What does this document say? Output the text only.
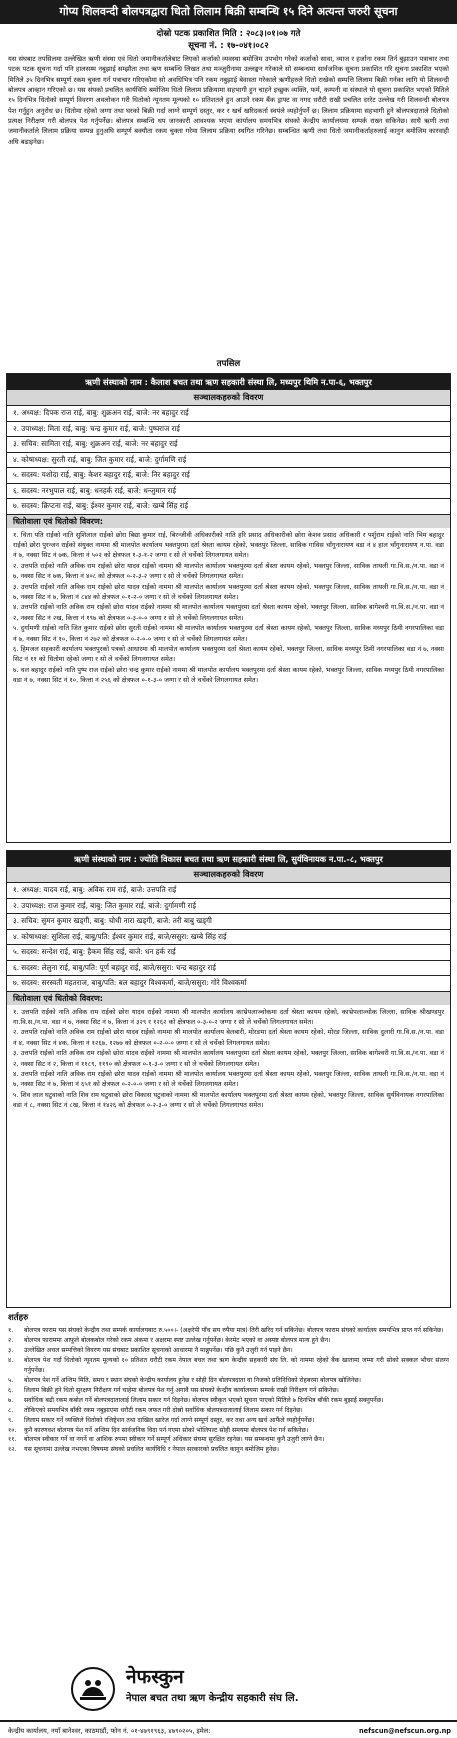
गोप्य शिलवन्दी बोलपत्रद्वारा धितो लिलाम बिक्री सम्बन्धि १५ दिने अत्यन्त जरुरी सूचना
दोस्रो पटक प्रकाशित मिति : २०८३।०१।०७ गते
सूचना नं. : १७-०४१।०८२
यस संघबाट तपसिलमा उल्लेखित ऋणी संस्था एवं धितो जमानीकर्तालेबाट लिएको कर्जाको व्यवस्था बमोजिम उपभोग गरेको कर्जाको सावा, व्याज र हर्जाना रकम तिर्न बुझाउन पत्राचार तथा पटक पटक सूचना गर्दा पनि हालसम्म नबुझाई सम्झौता तथा ऋण सम्बन्धि लिखत तथा मञ्जुरीनामा उल्लङ्घन गरेकाले सो सम्बन्धमा सार्वजनिक सूचना प्रकाशित गरि सूचना प्रकाशित भएको मितिले ३५ दिनभित्र सम्पूर्ण रकम चुक्ता गर्न पत्राचार गरिएकोमा सो अवधिभित्र पनि रकम नबुझाई बेवास्ता गरेकाले ऋणीहरुले धितो राखेको सम्पत्ति लिलाम बिक्री गर्नका लागि यो शिलवन्दी बोलपत्र आव्हान गरिएको छ। यस संघको प्रचलित कार्यविधि बमोजिम धितो लिलाम प्रक्रियामा सहभागी हुन चाहने इच्छुक व्यक्ति, फर्म, कम्पनी वा संस्थाले यो सूचना प्रकाशित भएको मितिले १५ दिनभित्र धितोको सम्पूर्ण विवरण अवलोकन गरी धितोको न्यूनतम मूल्यको १० प्रतिशतले हुन आउने रकम बैंक ड्राफ्ट वा नगद धरौटी राखी प्रचलित दररेट उल्लेख गरी शिलवन्दी बोलपत्र पेश गर्नुहुन अनुरोध छ। धितोमा रहेको जग्गा तथा घरको बिक्री गर्दा लाग्ने सम्पूर्ण दस्तुर, कर र खर्च खरिदकर्ता स्वयंले व्यहोर्नुपर्ने छ। लिलाम प्रक्रियामा सहभागी हुने बोलपत्रदाताले धितोको प्रत्यक्ष निरीक्षण गरी बोलपत्र पेश गर्नुपर्नेछ। बोलपत्र सम्बन्धि थप जानकारी आवश्यक भएमा कार्यालय समयभित्र संघको केन्द्रीय कार्यालयमा सम्पर्क राख्न सकिनेछ। साथै ऋणी तथा जमानीकर्ताले लिलाम प्रक्रिया सम्पन्न हुनुअघि सम्पूर्ण बक्यौता रकम चुक्ता गरेमा लिलाम प्रक्रिया स्थगित गरिनेछ। सम्बन्धित ऋणी तथा धितो जमानीकर्ताहरुलाई कानुन बमोजिम कारवाही अघि बढाइनेछ।
तपसिल
ऋणी संस्थाको नाम : कैलाश बचत तथा ऋण सहकारी संस्था लि, मध्यपुर थिमि न.पा-६, भक्तपुर
सञ्चालकहरुको विवरण
१. अध्यक्ष: दिपक राज राई, बाबु: शुक्रअन राई, बाजे: नर बहादुर राई
२. उपाध्यक्ष: मिता राई, बाबु: चन्द्र कुमार राई, बाजे: पुष्पराज राई
३. सचिव: सामिता राई, बाबु: शुक्रअन राई, बाजे: नर बहादुर राई
४. कोषाध्यक्ष: सुरती राई, बाबु: जित कुमार राई, बाजे: दुर्गामणि राई
५. सदस्य: यशोदा राई, बाबु: केशर बहादुर राई, बाजे: निर बहादुर राई
६. सदस्य: नरभुपाल राई, बाबु: धनहर्क राई, बाजे: धन्जुमान राई
७. सदस्य: क्रिप्टना राई, बाबु: ईश्वर कुमार राई, बाजे: खम्बे सिंह राई
धितोवाला एवं धितोको विवरण:
१. चिता पति राईको नाति सुशिलाल राईको छोरा बिद्या कुमार राई, बिरन्जीवी अधिकारीको नाति हरि प्रसाद अधिकारीको छोरा केशव प्रसाद अधिकारी र पर्शुराम राईको नाति भिम बहादुर राईको छोरा पुरन्जन राईको संयुक्त नाममा श्री मालपोत कार्यालय भक्तपुरमा दर्ता श्रेस्ता कायम रहेको, भक्तपुर जिल्ला, साविक गाविस चाँगुनारायण वडा नं ४ हाल चाँगुनारायण न.पा. वडा नं ७, नक्सा सिट नं ७क, कित्ता नं ५०२ को क्षेत्रफल १-३-१-२ जग्गा र सो ले चर्चेको लिगलगायत समेत।
२. उत्तपति राईको नाति अविक राम राईको छोरा यादव राईको नाममा श्री मालपोत कार्यालय भक्तपुरमा दर्ता श्रेस्ता कायम रहेको, भक्तपुर जिल्ला, साविक ताथली गा.वि.स./न.पा. वडा नं ७, नक्सा सिट नं ७क, कित्ता नं ४०८ को क्षेत्रफल ०-२-३-२ जग्गा र सो ले चर्चेको लिगलगायत समेत।
३. उत्तपति राईको नाति अविक राम राईको छोरा यादव राईको नाममा श्री मालपोत कार्यालय भक्तपुरमा दर्ता श्रेस्ता कायम रहेको, भक्तपुर जिल्ला, साविक ताथली गा.वि.स./न.पा. वडा नं ७, नक्सा सिट नं ७, कित्ता नं ८४४ को क्षेत्रफल ०-१-२-० जग्गा र सो ले चर्चेको लिगलगायत समेत।
४. उत्तपति राईको नाति अविक राम राईको छोरा यादव राईको नाममा श्री मालपोत कार्यालय भक्तपुरमा दर्ता श्रेस्ता कायम रहेको, भक्तपुर जिल्ला, साविक बागेश्वरी गा.वि.स./न.पा. वडा नं २, नक्सा सिट नं २ख, कित्ता नं १९७ को क्षेत्रफल ०-३-०-० जग्गा र सो ले चर्चेको लिगलगायत समेत।
५. दुर्गामणी राईको नाति जित कुमार राईको छोरा सुरती राईको नाममा श्री मालपोत कार्यालय भक्तपुरमा दर्ता श्रेस्ता कायम रहेको, भक्तपुर जिल्ला, साविक मध्यपुर ठिमी नगरपालिका वडा नं ७, नक्सा सिट नं १०, कित्ता नं २७२ को क्षेत्रफल ०-२-०-० जग्गा र सो ले चर्चेको लिगलगायत समेत।
६. हिमजल सहकारी कार्यालय भक्तपुरको पत्रको आधारमा श्री मालपोत कार्यालय भक्तपुरमा दर्ता श्रेस्ता कायम रहेको, भक्तपुर जिल्ला, साविक मध्यपुर ठिमी नगरपालिका वडा नं ७, नक्सा सिट नं ११ को धितोमा रहेको जग्गा र सो ले चर्चेको लिगलगायत समेत।
७. चल बहादुर राईको नाति पुष्प राज राईको छोरा चन्द्र कुमार राईको नाममा श्री मालपोत कार्यालय भक्तपुरमा दर्ता श्रेस्ता कायम रहेको, भक्तपुर जिल्ला, साविक मध्यपुर ठिमी नगरपालिका वडा नं ७, नक्सा सिट नं १०, कित्ता नं २५६ को क्षेत्रफल ०-१-३-० जग्गा र सो ले चर्चेको लिगलगायत समेत।
ऋणी संस्थाको नाम : ज्योति विकास बचत तथा ऋण सहकारी संस्था लि, सुर्यविनायक न.पा.-८, भक्तपुर
सञ्चालकहरुको विवरण
१. अध्यक्ष: यादव राई, बाबु: अविक राम राई, बाजे: उत्तपति राई
२. उपाध्यक्ष: राज कुमार राई, बाबु: जित कुमार राई, बाजे: दुर्गामणी राई
३. सचिव: सुमन कुमार खड्गी, बाबु: चोधी नारा खड्गी, बाजे: तरी बाबु खड्गी
४. कोषाध्यक्ष: सुशिला राई, बाबु/पति: ईश्वर कुमार राई, बाजे/ससुरा: खम्बे सिंह राई
५. सदस्य: सन्देश राई, बाबु: हैकम सिंह राई, बाजे: धन हर्क राई
६. सदस्य: लेलुना राई, बाबु/पति: पूर्ण बहादुर राई, बाजे/ससुरा: चन्द्र बहादुर राई
७. सदस्य: सरस्वती महतराज, बाबु/पति: बल बहादुर विश्वकर्मा, बाजे/ससुरा: गोरे विश्वकर्मा
धितोवाला एवं धितोको विवरण:
१. उत्तपति राईको नाति अविक राम राईको छोरा यादव राईको नाममा श्री मालपोत कार्यालय काभ्रेपलाञ्चोकमा दर्ता श्रेस्ता कायम रहेको, काभ्रेपलाञ्चोक जिल्ला, साविक श्रीखण्डपुर गा.वि.स./न.पा. वडा नं ७, नक्सा सिट नं ७, कित्ता नं ३२९ र १२६२ को क्षेत्रफल ०-३-०-२ जग्गा र सो ले चर्चेको लिगलगायत समेत।
२. उत्तपति राईको नाति अविक राम राईको छोरा यादव राईको नाममा श्री मालपोत कार्यालय बेलबारी, मोरङमा दर्ता श्रेस्ता कायम रहेको, मोरङ जिल्ला, साविक दुलारी गा.वि.स./न.पा. वडा नं ४, नक्सा सिट नं ४क, कित्ता नं १२६७, १२७७ को क्षेत्रफल ०-२-०-० जग्गा र सो ले चर्चेको लिगलगायत समेत।
३. उत्तपति राईको नाति अविक राम राईको छोरा यादव राईको नाममा श्री मालपोत कार्यालय भक्तपुरमा दर्ता श्रेस्ता कायम रहेको, भक्तपुर जिल्ला, साविक बागेश्वरी गा.वि.स./न.पा. वडा नं २, नक्सा सिट नं २, कित्ता नं ११८९, ११९० को क्षेत्रफल ०-१-३-० जग्गा र सो ले चर्चेको लिगलगायत समेत।
४. उत्तपति राईको नाति अविक राम राईको छोरा यादव राईको नाममा श्री मालपोत कार्यालय भक्तपुरमा दर्ता श्रेस्ता कायम रहेको, भक्तपुर जिल्ला, साविक ताथली गा.वि.स./न.पा. वडा नं ७, नक्सा सिट नं ७, कित्ता नं ६५१ को क्षेत्रफल ०-२-०-० जग्गा र सो ले चर्चेको लिगलगायत समेत।
५. शिव लाल घटुवाको नाति शिव राम घटुवाको छोरा विकास घटुवाको नाममा श्री मालपोत कार्यालय भक्तपुरमा दर्ता श्रेस्ता कायम रहेको, भक्तपुर जिल्ला, साविक सुर्यविनायक नगरपालिका वडा नं ८, नक्सा सिट नं ८ख, कित्ता नं १४२६ को क्षेत्रफल ०-२-३-० जग्गा र सो ले चर्चेको लिगलगायत समेत।
शर्तहरु
१.	बोलपत्र फाराम यस संघको केन्द्रीय तथा सम्पर्क कार्यालयबाट रु.५००।- (अक्षरेपी पाँच सय रुपैया मात्र) तिरी खरिद गर्न सकिनेछ। बोलपत्र फाराम संघको कार्यालय समयभित्र प्राप्त गर्न सकिनेछ।
२.	बोलपत्र फाराममा आफूले बोलकबोल गरेको रकम अंकमा र अक्षरमा स्पष्ट उल्लेख गर्नुपर्नेछ। केरमेट भएको वा अस्पष्ट बोलपत्र मान्य हुने छैन।
३.	उल्लेखित अचल सम्पत्तिको विवरण यस संघबाट प्रकाशित सूचनाको आधारमा नै मान्नुपर्नेछ। पछि कुनै उजुरी गर्न पाइने छैन।
४.	बोलपत्र पेश गर्दा धितोको न्यूनतम मूल्यको १० प्रतिशत धरौटी रकम नेपाल बचत तथा ऋण केन्द्रीय सहकारी संघ लि. को नाममा रहेको बैंक खातामा जम्मा गरी सोको सक्कल भौचर संलग्न गर्नुपर्नेछ।
५.	बोलपत्र पेश गर्ने अन्तिम मिति, समय र स्थान संघको केन्द्रीय कार्यालय हुनेछ र सोही दिन बोलपत्रदाता वा निजको प्रतिनिधिको रोहबरमा बोलपत्र खोलिनेछ।
६.	लिलाम बिक्री हुने धितो सुरक्षण निरीक्षण गर्न चाहेमा बोलपत्र पेश गर्नु अगावै यस संघको केन्द्रीय कार्यालयमा सम्पर्क राखी निरीक्षण गर्न सकिनेछ।
७.	सर्वाधिक बढी रकम कबोल गर्ने बोलपत्रदातालाई लिलाम सकार गर्न दिइनेछ। बोलपत्र स्वीकृत भएको सूचना पाएको मितिले ७ दिनभित्र बाँकी रकम बुझाई सक्नुपर्नेछ।
८.	तोकिएको समयभित्र बाँकी रकम नबुझाएमा धरौटी रकम जफत गरी दोस्रो सर्वाधिक बोलपत्रदातालाई लिलाम सकार गर्न दिइनेछ।
९.	लिलाम सकार गर्ने व्यक्तिले धितोको रजिष्ट्रेशन तथा दाखिल खारेज गर्दा लाग्ने सम्पूर्ण दस्तुर, कर तथा अन्य खर्च आफैंले व्यहोर्नुपर्नेछ।
१०.	कुनै कारणवश बोलपत्र पेश गर्ने अन्तिम दिन सार्वजनिक विदा पर्न गएमा सोको भोलिपल्ट सोही समयमा बोलपत्र पेश गर्न सकिनेछ।
११.	बोलपत्र स्वीकार गर्ने वा नगर्ने वा आंशिक रुपमा स्वीकार गर्ने सम्पूर्ण अधिकार संघमा सुरक्षित रहनेछ। यस सम्बन्धमा कुनै उजुरी लाग्ने छैन।
१२.	यस सूचनामा उल्लेख नभएका विषयमा संघको प्रचलित कार्यविधि र नेपाल सरकारको प्रचलित कानुन बमोजिम हुनेछ।
नेफस्कुन
नेपाल बचत तथा ऋण केन्द्रीय सहकारी संघ लि.
केन्द्रीय कार्यालय, नयाँ बानेश्वर, काठमाडौं, फोन नं. ०१-४७९१९६३, ४७९०२०५, इमेल:	nefscun@nefscun.org.np
